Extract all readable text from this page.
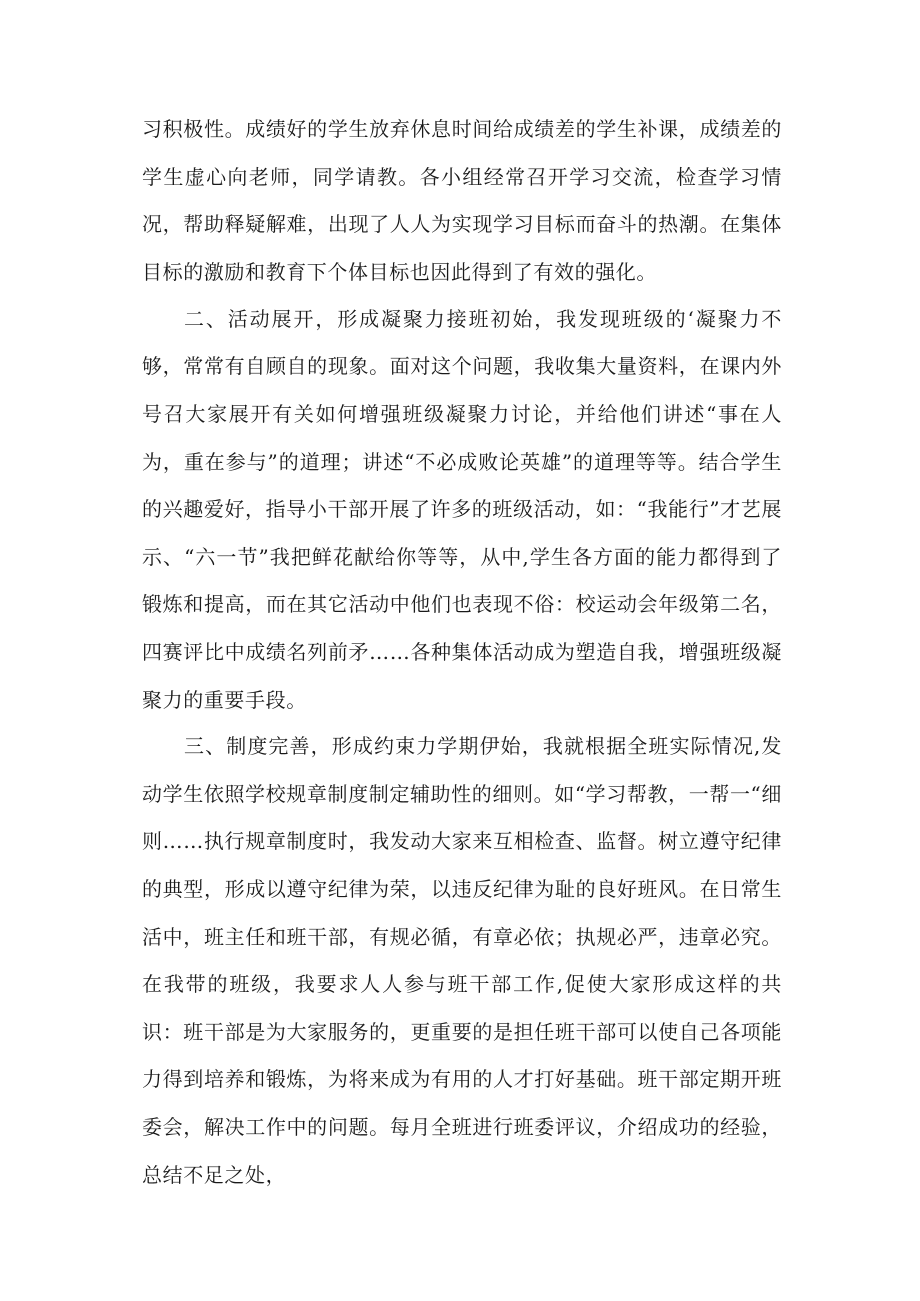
习积极性。成绩好的学生放弃休息时间给成绩差的学生补课，成绩差的学生虚心向老师，同学请教。各小组经常召开学习交流，检查学习情况，帮助释疑解难，出现了人人为实现学习目标而奋斗的热潮。在集体目标的激励和教育下个体目标也因此得到了有效的强化。

二、活动展开，形成凝聚力接班初始，我发现班级的‘凝聚力不够，常常有自顾自的现象。面对这个问题，我收集大量资料，在课内外号召大家展开有关如何增强班级凝聚力讨论，并给他们讲述“事在人为，重在参与”的道理；讲述“不必成败论英雄”的道理等等。结合学生的兴趣爱好，指导小干部开展了许多的班级活动，如：“我能行”才艺展示、“六一节”我把鲜花献给你等等，从中,学生各方面的能力都得到了锻炼和提高，而在其它活动中他们也表现不俗：校运动会年级第二名，四赛评比中成绩名列前矛……各种集体活动成为塑造自我，增强班级凝聚力的重要手段。

三、制度完善，形成约束力学期伊始，我就根据全班实际情况,发动学生依照学校规章制度制定辅助性的细则。如“学习帮教，一帮一“细则……执行规章制度时，我发动大家来互相检查、监督。树立遵守纪律的典型，形成以遵守纪律为荣，以违反纪律为耻的良好班风。在日常生活中，班主任和班干部，有规必循，有章必依；执规必严，违章必究。在我带的班级，我要求人人参与班干部工作,促使大家形成这样的共识：班干部是为大家服务的，更重要的是担任班干部可以使自己各项能力得到培养和锻炼，为将来成为有用的人才打好基础。班干部定期开班委会，解决工作中的问题。每月全班进行班委评议，介绍成功的经验，总结不足之处，
